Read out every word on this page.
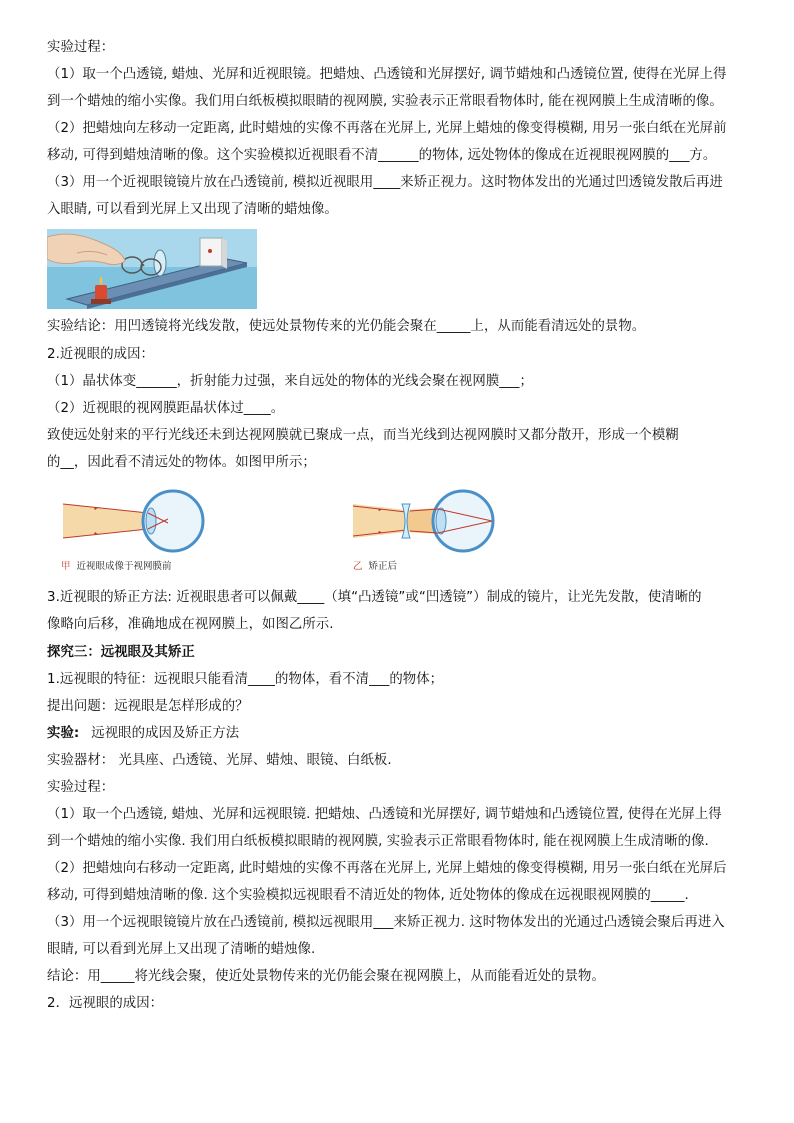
实验过程：
（1）取一个凸透镜, 蜡烛、光屏和近视眼镜。把蜡烛、凸透镜和光屏摆好, 调节蜡烛和凸透镜位置, 使得在光屏上得
到一个蜡烛的缩小实像。我们用白纸板模拟眼睛的视网膜, 实验表示正常眼看物体时, 能在视网膜上生成清晰的像。
（2）把蜡烛向左移动一定距离, 此时蜡烛的实像不再落在光屏上, 光屏上蜡烛的像变得模糊, 用另一张白纸在光屏前
移动, 可得到蜡烛清晰的像。这个实验模拟近视眼看不清______的物体, 远处物体的像成在近视眼视网膜的___方。
（3）用一个近视眼镜镜片放在凸透镜前, 模拟近视眼用____来矫正视力。这时物体发出的光通过凹透镜发散后再进
入眼睛, 可以看到光屏上又出现了清晰的蜡烛像。
实验结论：用凹透镜将光线发散，使远处景物传来的光仍能会聚在_____上，从而能看清远处的景物。
2.近视眼的成因：
（1）晶状体变______，折射能力过强，来自远处的物体的光线会聚在视网膜___；
（2）近视眼的视网膜距晶状体过____。
致使远处射来的平行光线还未到达视网膜就已聚成一点，而当光线到达视网膜时又都分散开，形成一个模糊
的__，因此看不清远处的物体。如图甲所示；
甲 近视眼成像于视网膜前	乙 矫正后
3.近视眼的矫正方法: 近视眼患者可以佩戴____（填“凸透镜”或“凹透镜”）制成的镜片，让光先发散，使清晰的
像略向后移，准确地成在视网膜上，如图乙所示.
探究三：远视眼及其矫正
1.远视眼的特征：远视眼只能看清____的物体，看不清___的物体；
提出问题：远视眼是怎样形成的？
实验: 远视眼的成因及矫正方法
实验器材： 光具座、凸透镜、光屏、蜡烛、眼镜、白纸板.
实验过程：
（1）取一个凸透镜, 蜡烛、光屏和远视眼镜. 把蜡烛、凸透镜和光屏摆好, 调节蜡烛和凸透镜位置, 使得在光屏上得
到一个蜡烛的缩小实像. 我们用白纸板模拟眼睛的视网膜, 实验表示正常眼看物体时, 能在视网膜上生成清晰的像.
（2）把蜡烛向右移动一定距离, 此时蜡烛的实像不再落在光屏上, 光屏上蜡烛的像变得模糊, 用另一张白纸在光屏后
移动, 可得到蜡烛清晰的像. 这个实验模拟远视眼看不清近处的物体, 近处物体的像成在远视眼视网膜的_____.
（3）用一个远视眼镜镜片放在凸透镜前, 模拟远视眼用___来矫正视力. 这时物体发出的光通过凸透镜会聚后再进入
眼睛, 可以看到光屏上又出现了清晰的蜡烛像.
结论：用_____将光线会聚，使近处景物传来的光仍能会聚在视网膜上，从而能看近处的景物。
2．远视眼的成因：
